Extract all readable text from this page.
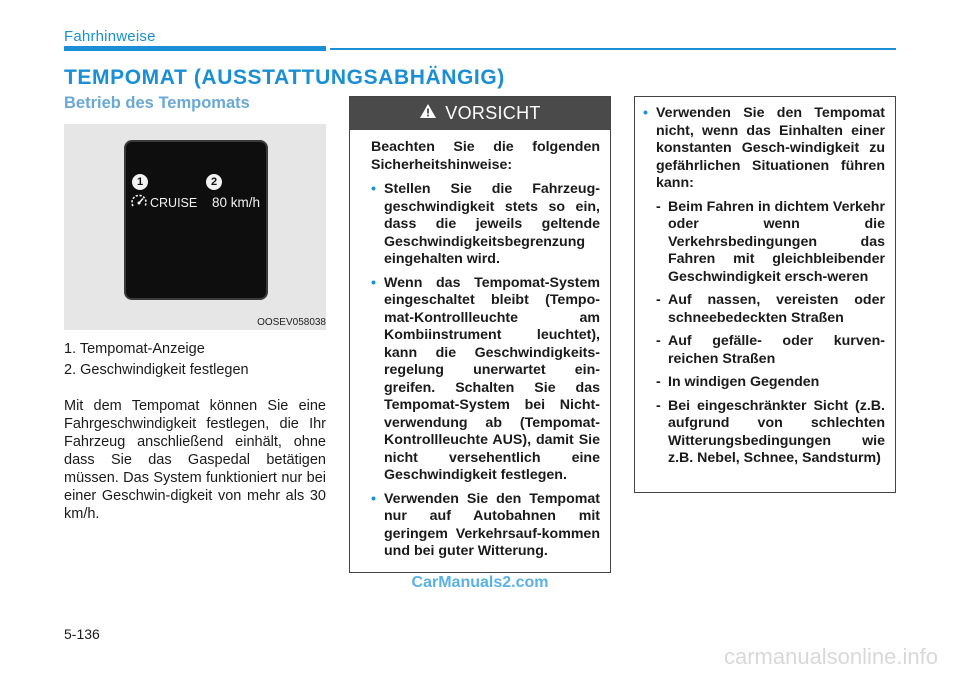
Fahrhinweise
TEMPOMAT (AUSSTATTUNGSABHÄNGIG)
Betrieb des Tempomats
1	2
CRUISE 80 km/h
OOSEV058038

1. Tempomat-Anzeige

2. Geschwindigkeit festlegen

Mit dem Tempomat können Sie eine Fahrgeschwindigkeit festlegen, die Ihr Fahrzeug anschließend einhält, ohne dass Sie das Gaspedal betätigen müssen. Das System funktioniert nur bei einer Geschwin-digkeit von mehr als 30 km/h.

VORSICHT

Beachten Sie die folgenden Sicherheitshinweise:

• Stellen Sie die Fahrzeug-geschwindigkeit stets so ein, dass die jeweils geltende Geschwindigkeitsbegrenzung eingehalten wird.
• Wenn das Tempomat-System eingeschaltet bleibt (Tempo-mat-Kontrollleuchte am Kombiinstrument leuchtet), kann die Geschwindigkeits-regelung unerwartet ein-greifen. Schalten Sie das Tempomat-System bei Nicht-verwendung ab (Tempomat-Kontrollleuchte AUS), damit Sie nicht versehentlich eine Geschwindigkeit festlegen.
• Verwenden Sie den Tempomat nur auf Autobahnen mit geringem Verkehrsauf-kommen und bei guter Witterung.
• Verwenden Sie den Tempomat nicht, wenn das Einhalten einer konstanten Gesch-windigkeit zu gefährlichen Situationen führen kann:

- Beim Fahren in dichtem Verkehr oder wenn die Verkehrsbedingungen das Fahren mit gleichbleibender Geschwindigkeit ersch-weren

- Auf nassen, vereisten oder schneebedeckten Straßen

- Auf gefälle- oder kurven-reichen Straßen

- In windigen Gegenden

- Bei eingeschränkter Sicht (z.B. aufgrund von schlechten Witterungsbedingungen wie z.B. Nebel, Schnee, Sandsturm)

CarManuals2.com
5-136
carmanualsonline.info
